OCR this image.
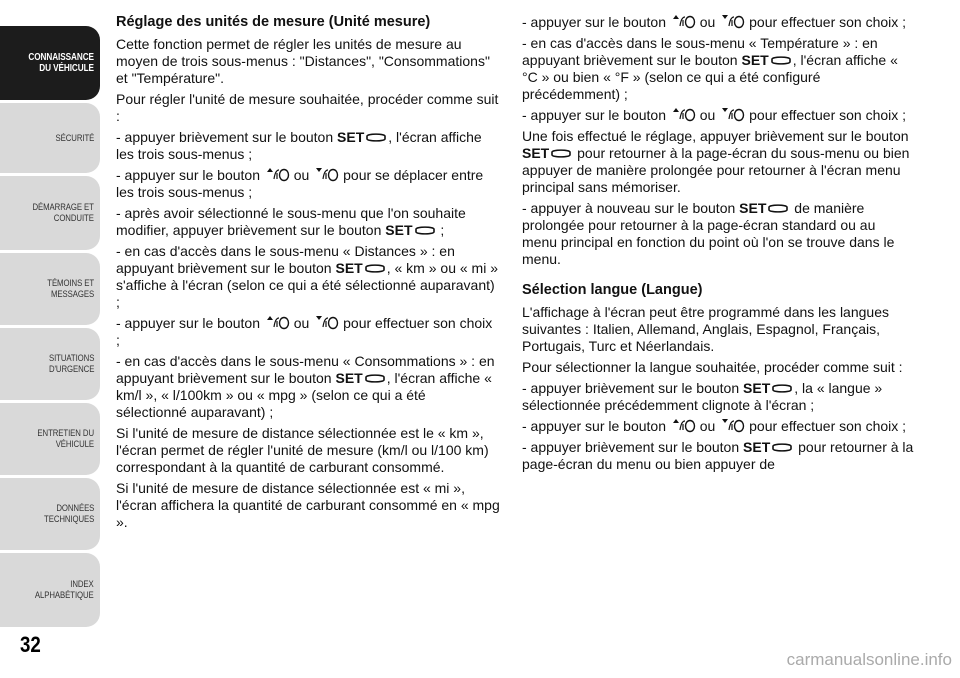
CONNAISSANCE
DU VÉHICULE
SÉCURITÉ
DÉMARRAGE ET
CONDUITE
TÉMOINS ET
MESSAGES
SITUATIONS
D'URGENCE
ENTRETIEN DU
VÉHICULE
DONNÉES
TECHNIQUES
INDEX
ALPHABÉTIQUE
32
Réglage des unités de mesure (Unité mesure)

Cette fonction permet de régler les unités de mesure au moyen de trois sous-menus : "Distances", "Consommations" et "Température".

Pour régler l'unité de mesure souhaitée, procéder comme suit :

- appuyer brièvement sur le bouton SET , l'écran affiche les trois sous-menus ;

- appuyer sur le bouton  ou  pour se déplacer entre les trois sous-menus ;

- après avoir sélectionné le sous-menu que l'on souhaite modifier, appuyer brièvement sur le bouton SET ;

- en cas d'accès dans le sous-menu « Distances » : en appuyant brièvement sur le bouton SET , « km » ou « mi » s'affiche à l'écran (selon ce qui a été sélectionné auparavant) ;

- appuyer sur le bouton  ou  pour effectuer son choix ;

- en cas d'accès dans le sous-menu « Consommations » : en appuyant brièvement sur le bouton SET , l'écran affiche « km/l », « l/100km » ou « mpg » (selon ce qui a été sélectionné auparavant) ;

Si l'unité de mesure de distance sélectionnée est le « km », l'écran permet de régler l'unité de mesure (km/l ou l/100 km) correspondant à la quantité de carburant consommé.

Si l'unité de mesure de distance sélectionnée est « mi », l'écran affichera la quantité de carburant consommé en « mpg ».

- appuyer sur le bouton  ou  pour effectuer son choix ;

- en cas d'accès dans le sous-menu « Température » : en appuyant brièvement sur le bouton SET , l'écran affiche « °C » ou bien « °F » (selon ce qui a été configuré précédemment) ;

- appuyer sur le bouton  ou  pour effectuer son choix ;

Une fois effectué le réglage, appuyer brièvement sur le bouton SET pour retourner à la page-écran du sous-menu ou bien appuyer de manière prolongée pour retourner à l'écran menu principal sans mémoriser.

- appuyer à nouveau sur le bouton SET de manière prolongée pour retourner à la page-écran standard ou au menu principal en fonction du point où l'on se trouve dans le menu.

Sélection langue (Langue)

L'affichage à l'écran peut être programmé dans les langues suivantes : Italien, Allemand, Anglais, Espagnol, Français, Portugais, Turc et Néerlandais.

Pour sélectionner la langue souhaitée, procéder comme suit :

- appuyer brièvement sur le bouton SET , la « langue » sélectionnée précédemment clignote à l'écran ;

- appuyer sur le bouton  ou  pour effectuer son choix ;

- appuyer brièvement sur le bouton SET pour retourner à la page-écran du menu ou bien appuyer de

carmanualsonline.info
